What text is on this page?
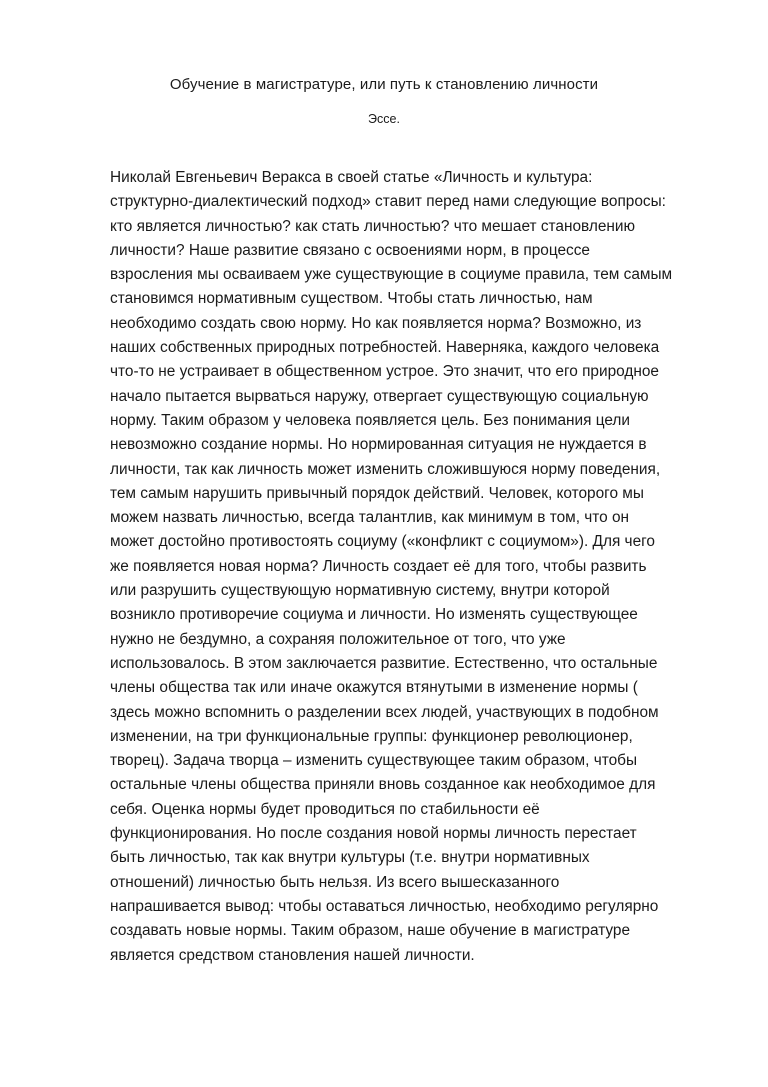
Обучение в магистратуре, или путь к становлению личности
Эссе.
Николай Евгеньевич Веракса в своей статье «Личность и культура:
структурно-диалектический подход» ставит перед нами следующие вопросы:
кто является личностью? как стать личностью? что мешает становлению
личности? Наше развитие связано с освоениями норм, в процессе
взросления мы осваиваем уже существующие в социуме правила, тем самым
становимся нормативным существом. Чтобы стать личностью, нам
необходимо создать свою норму. Но как появляется норма? Возможно, из
наших собственных природных потребностей. Наверняка, каждого человека
что-то не устраивает в общественном устрое. Это значит, что его природное
начало пытается вырваться наружу, отвергает существующую социальную
норму. Таким образом у человека появляется цель. Без понимания цели
невозможно создание нормы. Но нормированная ситуация не нуждается в
личности, так как личность может изменить сложившуюся норму поведения,
тем самым нарушить привычный порядок действий. Человек, которого мы
можем назвать личностью, всегда талантлив, как минимум в том, что он
может достойно противостоять социуму («конфликт с социумом»). Для чего
же появляется новая норма? Личность создает её для того, чтобы развить
или разрушить существующую нормативную систему, внутри которой
возникло противоречие социума и личности. Но изменять существующее
нужно не бездумно, а сохраняя положительное от того, что уже
использовалось. В этом заключается развитие. Естественно, что остальные
члены общества так или иначе окажутся втянутыми в изменение нормы (
здесь можно вспомнить о разделении всех людей, участвующих в подобном
изменении, на три функциональные группы: функционер революционер,
творец). Задача творца – изменить существующее таким образом, чтобы
остальные члены общества приняли вновь созданное как необходимое для
себя. Оценка нормы будет проводиться по стабильности её
функционирования. Но после создания новой нормы личность перестает
быть личностью, так как внутри культуры (т.е. внутри нормативных
отношений) личностью быть нельзя. Из всего вышесказанного
напрашивается вывод: чтобы оставаться личностью, необходимо регулярно
создавать новые нормы. Таким образом, наше обучение в магистратуре
является средством становления нашей личности.
